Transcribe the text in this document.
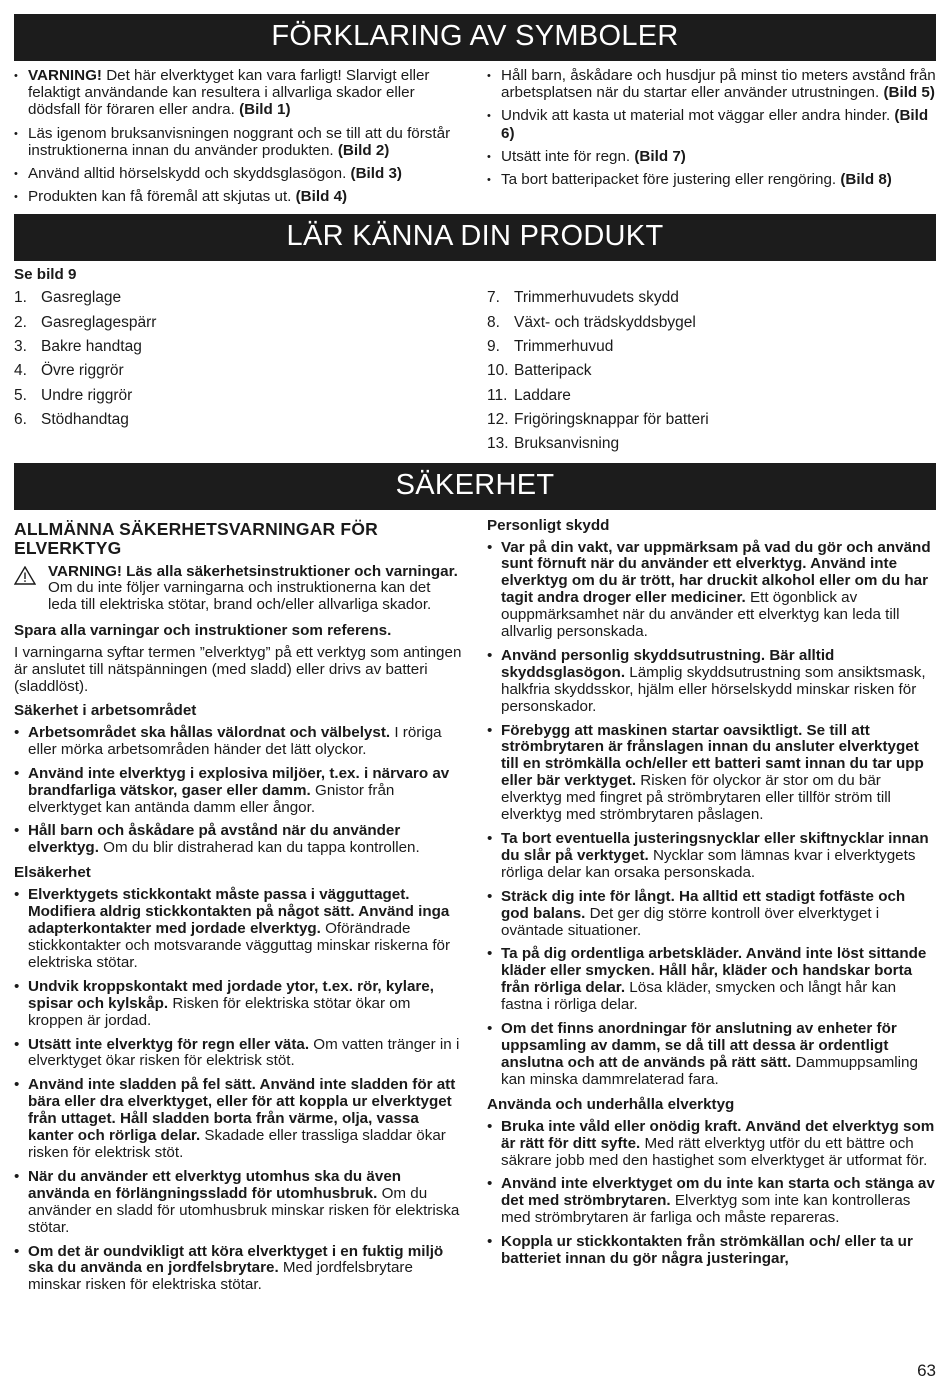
FÖRKLARING AV SYMBOLER
• VARNING! Det här elverktyget kan vara farligt! Slarvigt eller felaktigt användande kan resultera i allvarliga skador eller dödsfall för föraren eller andra. (Bild 1)
• Läs igenom bruksanvisningen noggrant och se till att du förstår instruktionerna innan du använder produkten. (Bild 2)
• Använd alltid hörselskydd och skyddsglasögon. (Bild 3)
• Produkten kan få föremål att skjutas ut. (Bild 4)
• Håll barn, åskådare och husdjur på minst tio meters avstånd från arbetsplatsen när du startar eller använder utrustningen. (Bild 5)
• Undvik att kasta ut material mot väggar eller andra hinder. (Bild 6)
• Utsätt inte för regn. (Bild 7)
• Ta bort batteripacket före justering eller rengöring. (Bild 8)
LÄR KÄNNA DIN PRODUKT
Se bild 9
1. Gasreglage
2. Gasreglagespärr
3. Bakre handtag
4. Övre riggrör
5. Undre riggrör
6. Stödhandtag
7. Trimmerhuvudets skydd
8. Växt- och trädskyddsbygel
9. Trimmerhuvud
10. Batteripack
11. Laddare
12. Frigöringsknappar för batteri
13. Bruksanvisning
SÄKERHET
ALLMÄNNA SÄKERHETSVARNINGAR FÖR ELVERKTYG
VARNING! Läs alla säkerhetsinstruktioner och varningar. Om du inte följer varningarna och instruktionerna kan det leda till elektriska stötar, brand och/eller allvarliga skador.
Spara alla varningar och instruktioner som referens.

I varningarna syftar termen ”elverktyg” på ett verktyg som antingen är anslutet till nätspänningen (med sladd) eller drivs av batteri (sladdlöst).

Säkerhet i arbetsområdet
• Arbetsområdet ska hållas välordnat och välbelyst. I röriga eller mörka arbetsområden händer det lätt olyckor.
• Använd inte elverktyg i explosiva miljöer, t.ex. i närvaro av brandfarliga vätskor, gaser eller damm. Gnistor från elverktyget kan antända damm eller ångor.
• Håll barn och åskådare på avstånd när du använder elverktyg. Om du blir distraherad kan du tappa kontrollen.
Elsäkerhet
• Elverktygets stickkontakt måste passa i vägguttaget. Modifiera aldrig stickkontakten på något sätt. Använd inga adapterkontakter med jordade elverktyg. Oförändrade stickkontakter och motsvarande vägguttag minskar riskerna för elektriska stötar.
• Undvik kroppskontakt med jordade ytor, t.ex. rör, kylare, spisar och kylskåp. Risken för elektriska stötar ökar om kroppen är jordad.
• Utsätt inte elverktyg för regn eller väta. Om vatten tränger in i elverktyget ökar risken för elektrisk stöt.
• Använd inte sladden på fel sätt. Använd inte sladden för att bära eller dra elverktyget, eller för att koppla ur elverktyget från uttaget. Håll sladden borta från värme, olja, vassa kanter och rörliga delar. Skadade eller trassliga sladdar ökar risken för elektrisk stöt.
• När du använder ett elverktyg utomhus ska du även använda en förlängningssladd för utomhusbruk. Om du använder en sladd för utomhusbruk minskar risken för elektriska stötar.
• Om det är oundvikligt att köra elverktyget i en fuktig miljö ska du använda en jordfelsbrytare. Med jordfelsbrytare minskar risken för elektriska stötar.
Personligt skydd
• Var på din vakt, var uppmärksam på vad du gör och använd sunt förnuft när du använder ett elverktyg. Använd inte elverktyg om du är trött, har druckit alkohol eller om du har tagit andra droger eller mediciner. Ett ögonblick av ouppmärksamhet när du använder ett elverktyg kan leda till allvarlig personskada.
• Använd personlig skyddsutrustning. Bär alltid skyddsglasögon. Lämplig skyddsutrustning som ansiktsmask, halkfria skyddsskor, hjälm eller hörselskydd minskar risken för personskador.
• Förebygg att maskinen startar oavsiktligt. Se till att strömbrytaren är frånslagen innan du ansluter elverktyget till en strömkälla och/eller ett batteri samt innan du tar upp eller bär verktyget. Risken för olyckor är stor om du bär elverktyg med fingret på strömbrytaren eller tillför ström till elverktyg med strömbrytaren påslagen.
• Ta bort eventuella justeringsnycklar eller skiftnycklar innan du slår på verktyget. Nycklar som lämnas kvar i elverktygets rörliga delar kan orsaka personskada.
• Sträck dig inte för långt. Ha alltid ett stadigt fotfäste och god balans. Det ger dig större kontroll över elverktyget i oväntade situationer.
• Ta på dig ordentliga arbetskläder. Använd inte löst sittande kläder eller smycken. Håll hår, kläder och handskar borta från rörliga delar. Lösa kläder, smycken och långt hår kan fastna i rörliga delar.
• Om det finns anordningar för anslutning av enheter för uppsamling av damm, se då till att dessa är ordentligt anslutna och att de används på rätt sätt. Dammuppsamling kan minska dammrelaterad fara.
Använda och underhålla elverktyg
• Bruka inte våld eller onödig kraft. Använd det elverktyg som är rätt för ditt syfte. Med rätt elverktyg utför du ett bättre och säkrare jobb med den hastighet som elverktyget är utformat för.
• Använd inte elverktyget om du inte kan starta och stänga av det med strömbrytaren. Elverktyg som inte kan kontrolleras med strömbrytaren är farliga och måste repareras.
• Koppla ur stickkontakten från strömkällan och/ eller ta ur batteriet innan du gör några justeringar,
63
